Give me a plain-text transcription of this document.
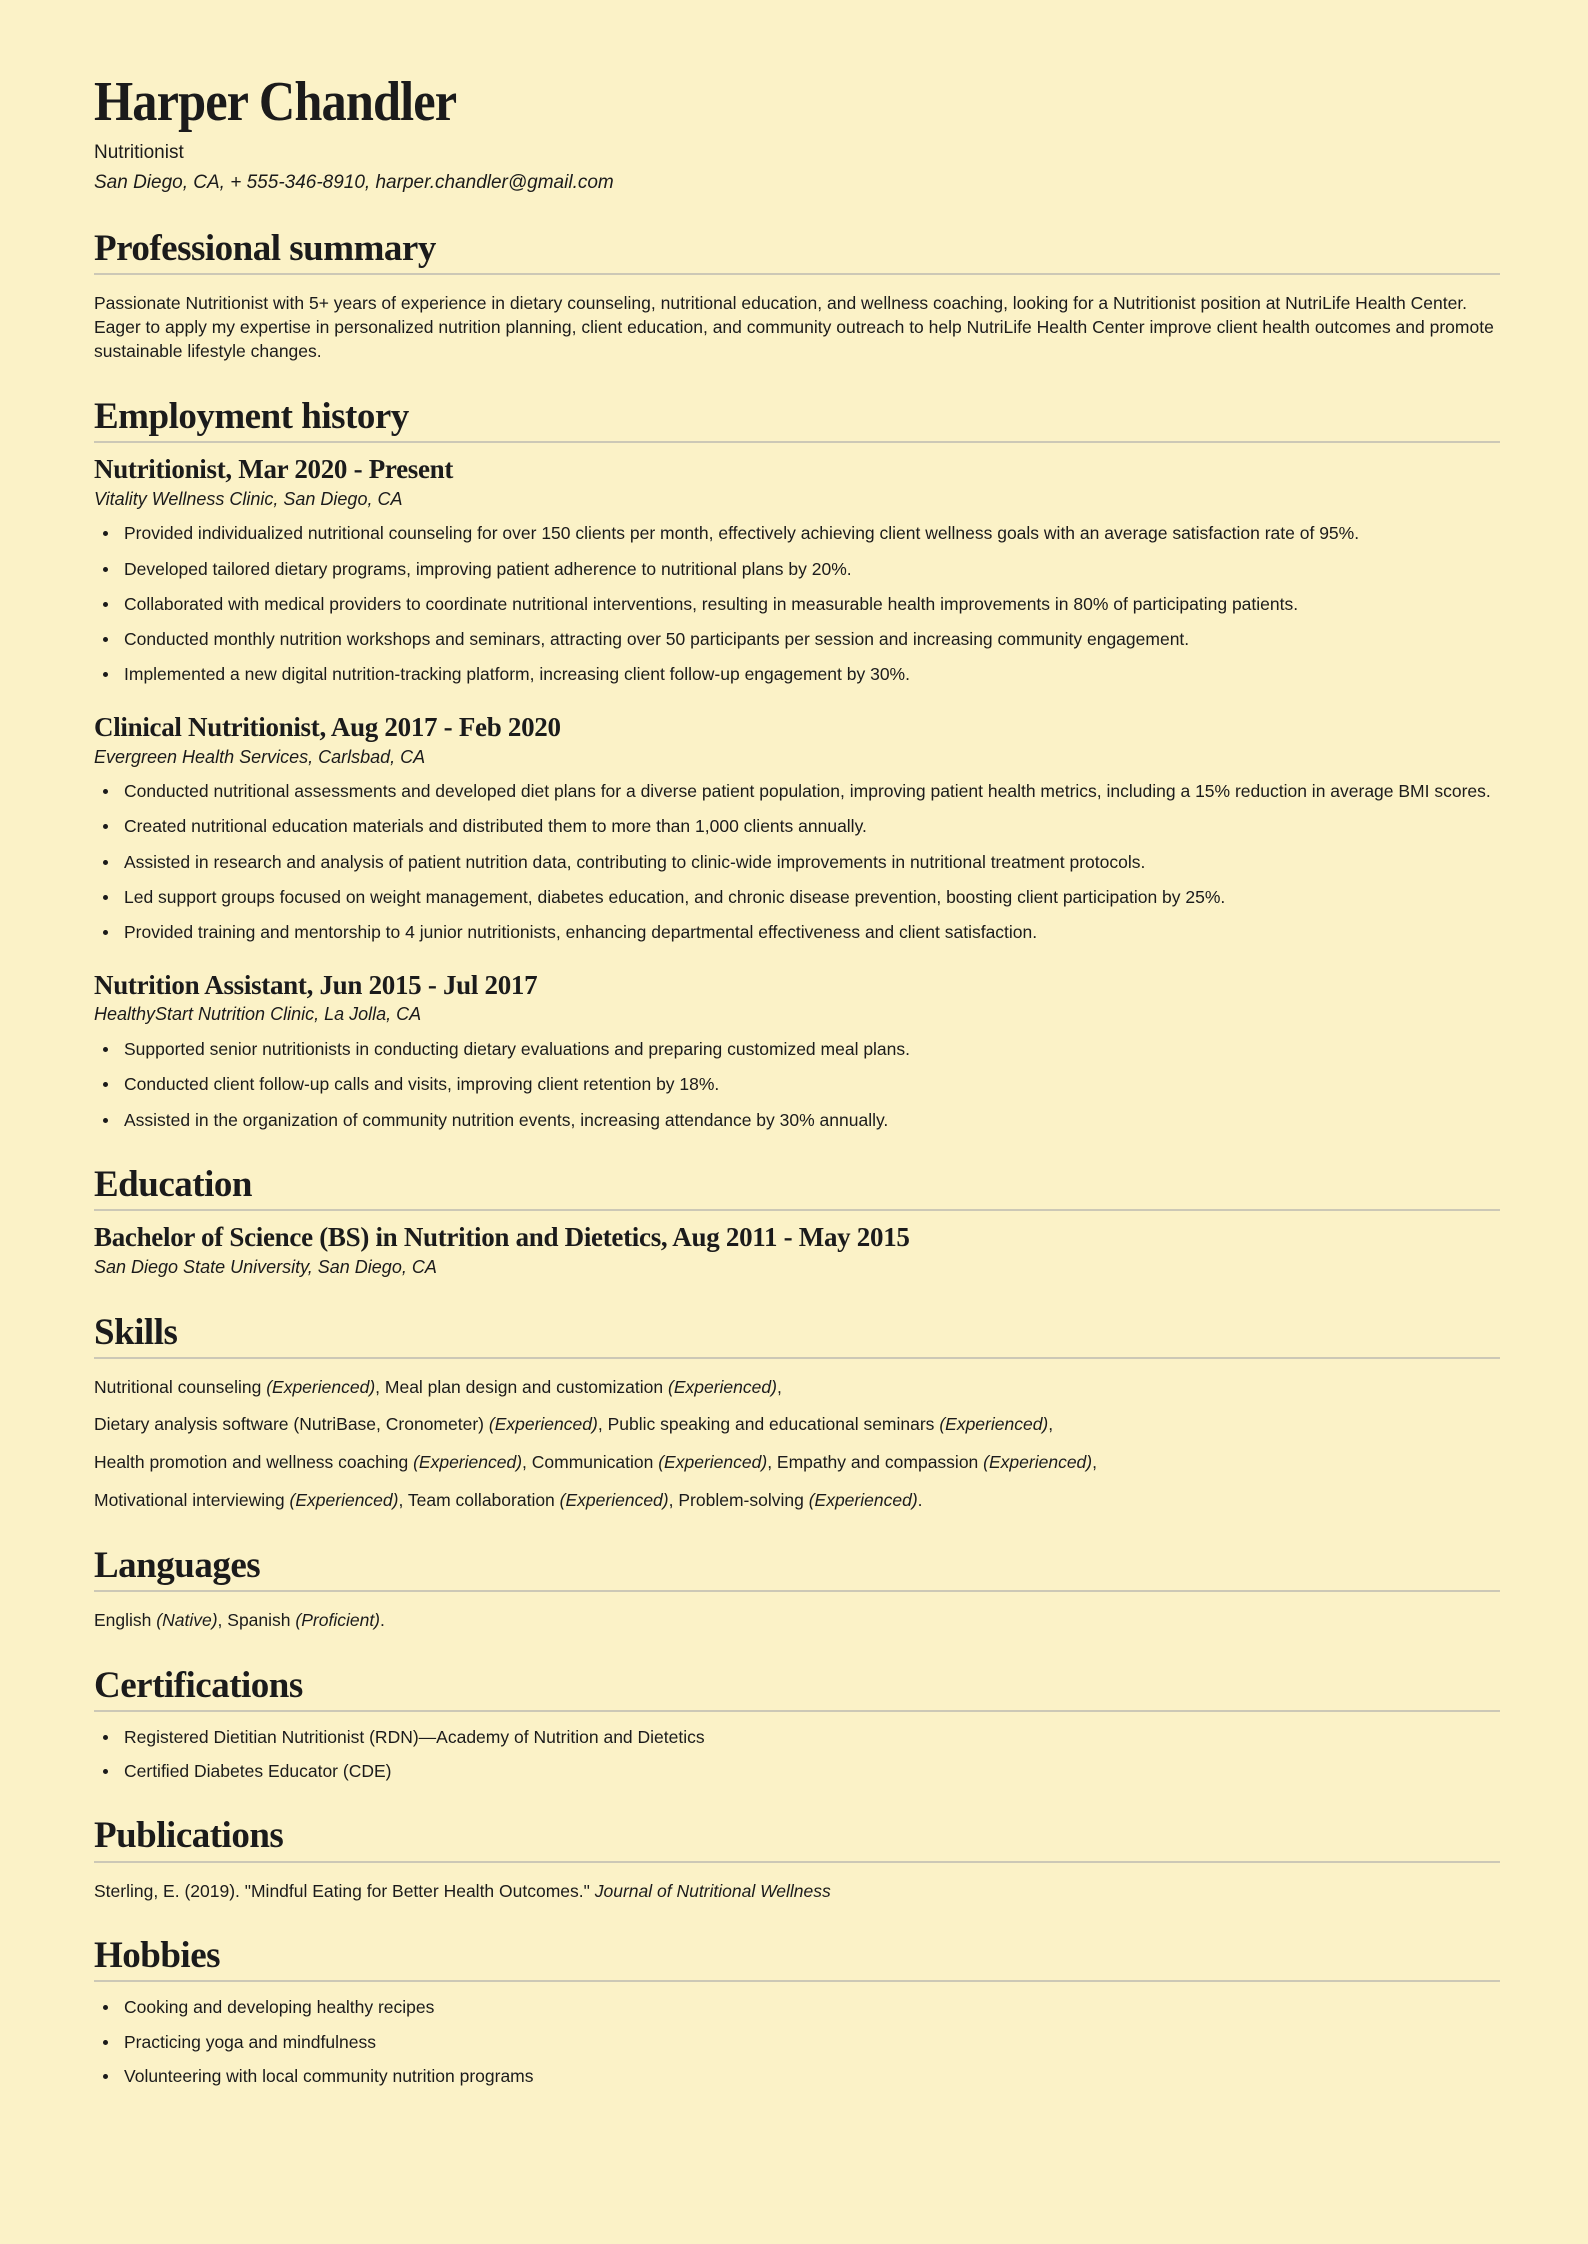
Harper Chandler
Nutritionist
San Diego, CA, + 555-346-8910, harper.chandler@gmail.com
Professional summary

Passionate Nutritionist with 5+ years of experience in dietary counseling, nutritional education, and wellness coaching, looking for a Nutritionist position at NutriLife Health Center. Eager to apply my expertise in personalized nutrition planning, client education, and community outreach to help NutriLife Health Center improve client health outcomes and promote sustainable lifestyle changes.

Employment history
Nutritionist, Mar 2020 - Present
Vitality Wellness Clinic, San Diego, CA
Provided individualized nutritional counseling for over 150 clients per month, effectively achieving client wellness goals with an average satisfaction rate of 95%.
Developed tailored dietary programs, improving patient adherence to nutritional plans by 20%.
Collaborated with medical providers to coordinate nutritional interventions, resulting in measurable health improvements in 80% of participating patients.
Conducted monthly nutrition workshops and seminars, attracting over 50 participants per session and increasing community engagement.
Implemented a new digital nutrition-tracking platform, increasing client follow-up engagement by 30%.
Clinical Nutritionist, Aug 2017 - Feb 2020
Evergreen Health Services, Carlsbad, CA
Conducted nutritional assessments and developed diet plans for a diverse patient population, improving patient health metrics, including a 15% reduction in average BMI scores.
Created nutritional education materials and distributed them to more than 1,000 clients annually.
Assisted in research and analysis of patient nutrition data, contributing to clinic-wide improvements in nutritional treatment protocols.
Led support groups focused on weight management, diabetes education, and chronic disease prevention, boosting client participation by 25%.
Provided training and mentorship to 4 junior nutritionists, enhancing departmental effectiveness and client satisfaction.
Nutrition Assistant, Jun 2015 - Jul 2017
HealthyStart Nutrition Clinic, La Jolla, CA
Supported senior nutritionists in conducting dietary evaluations and preparing customized meal plans.
Conducted client follow-up calls and visits, improving client retention by 18%.
Assisted in the organization of community nutrition events, increasing attendance by 30% annually.
Education
Bachelor of Science (BS) in Nutrition and Dietetics, Aug 2011 - May 2015
San Diego State University, San Diego, CA
Skills
Nutritional counseling (Experienced), Meal plan design and customization (Experienced),
Dietary analysis software (NutriBase, Cronometer) (Experienced), Public speaking and educational seminars (Experienced),
Health promotion and wellness coaching (Experienced), Communication (Experienced), Empathy and compassion (Experienced),
Motivational interviewing (Experienced), Team collaboration (Experienced), Problem-solving (Experienced).
Languages

English (Native), Spanish (Proficient).

Certifications
Registered Dietitian Nutritionist (RDN)—Academy of Nutrition and Dietetics
Certified Diabetes Educator (CDE)
Publications

Sterling, E. (2019). "Mindful Eating for Better Health Outcomes." Journal of Nutritional Wellness

Hobbies
Cooking and developing healthy recipes
Practicing yoga and mindfulness
Volunteering with local community nutrition programs
